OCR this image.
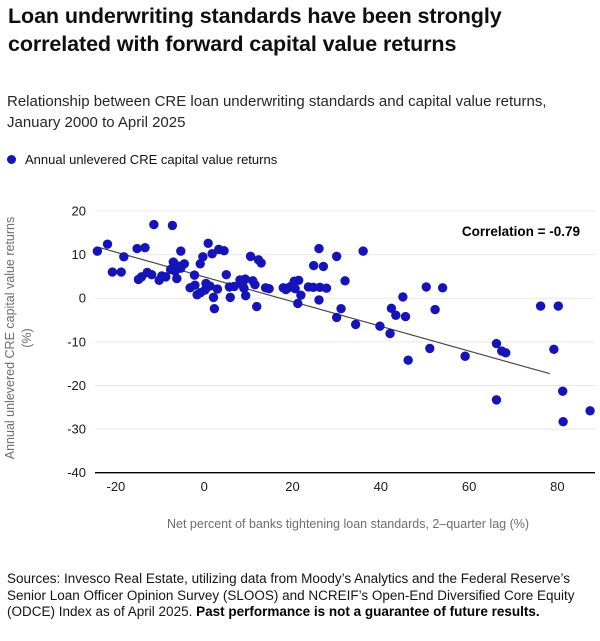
Loan underwriting standards have been strongly correlated with forward capital value returns

Relationship between CRE loan underwriting standards and capital value returns, January 2000 to April 2025

Annual unlevered CRE capital value returns
20
10
0
-10
-20
-30
-40
-20	0	20	40	60	80
Correlation = -0.79
Net percent of banks tightening loan standards, 2–quarter lag (%)
Annual unlevered CRE capital value returns (%)

Sources: Invesco Real Estate, utilizing data from Moody’s Analytics and the Federal Reserve’s Senior Loan Officer Opinion Survey (SLOOS) and NCREIF’s Open-End Diversified Core Equity (ODCE) Index as of April 2025. Past performance is not a guarantee of future results.
